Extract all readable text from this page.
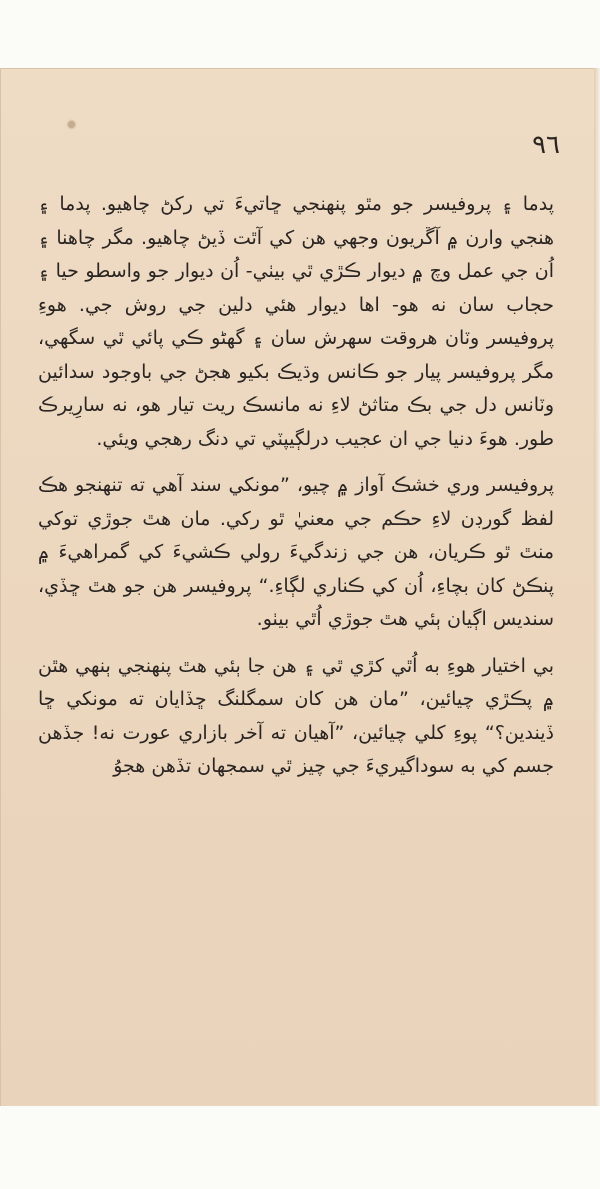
٩٦

پدما ۽ پروفيسر جو مٿو پنهنجي ڇاتيءَ تي رکڻ چاهيو. پدما ۽ هنجي وارن ۾ آڱريون وجهي هن کي آٿت ڏيڻ چاهيو. مگر چاهنا ۽ اُن جي عمل وچ ۾ ديوار ڪڙي ٿي بيٺي- اُن ديوار جو واسطو حيا ۽ حجاب سان نه هو- اها ديوار هئي دلين جي روش جي. هوءِ پروفيسر وٽان هروقت سهرش سان ۽ گهڻو ڪي پائي ٿي سگهي، مگر پروفيسر پيار جو ڪانس وڌيڪ بکيو هجڻ جي باوجود سدائين وٽانس دل جي بڪ متاثڻ لاءِ نه مانسڪ ريت تيار هو، نه سارِيرڪ طور. هوءَ دنيا جي ان عجيب درلڳيپٽي تي دنگ رهجي ويئي.

پروفيسر وري خشڪ آواز ۾ چيو، ”مونکي سند آهي ته تنهنجو هڪ لفظ گورڊن لاءِ حڪم جي معنيٰ ٿو رکي. مان هٿ جوڙي توکي منٿ ٿو ڪريان، هن جي زندگيءَ رولي ڪشيءَ کي گمراهيءَ ۾ پنڪڻ کان بچاءِ، اُن کي ڪناري لڳاءِ.“ پروفيسر هن جو هٿ ڇڏي، سنديس اڳيان ٻئي هٿ جوڙي اُٿي بيٺو.

بي اختيار هوءِ به اُٿي کڙي ٿي ۽ هن جا ٻئي هٿ پنهنجي ٻنهي هٿن ۾ پڪڙي چيائين، ”مان هن کان سمگلنگ ڇڏايان ته مونکي ڇا ڏيندين؟“ پوءِ کلي چيائين، ”آهيان ته آخر بازاري عورت نه! جڏهن جسم کي به سوداگيريءَ جي چيز ٿي سمجهان تڏهن هجوُ
